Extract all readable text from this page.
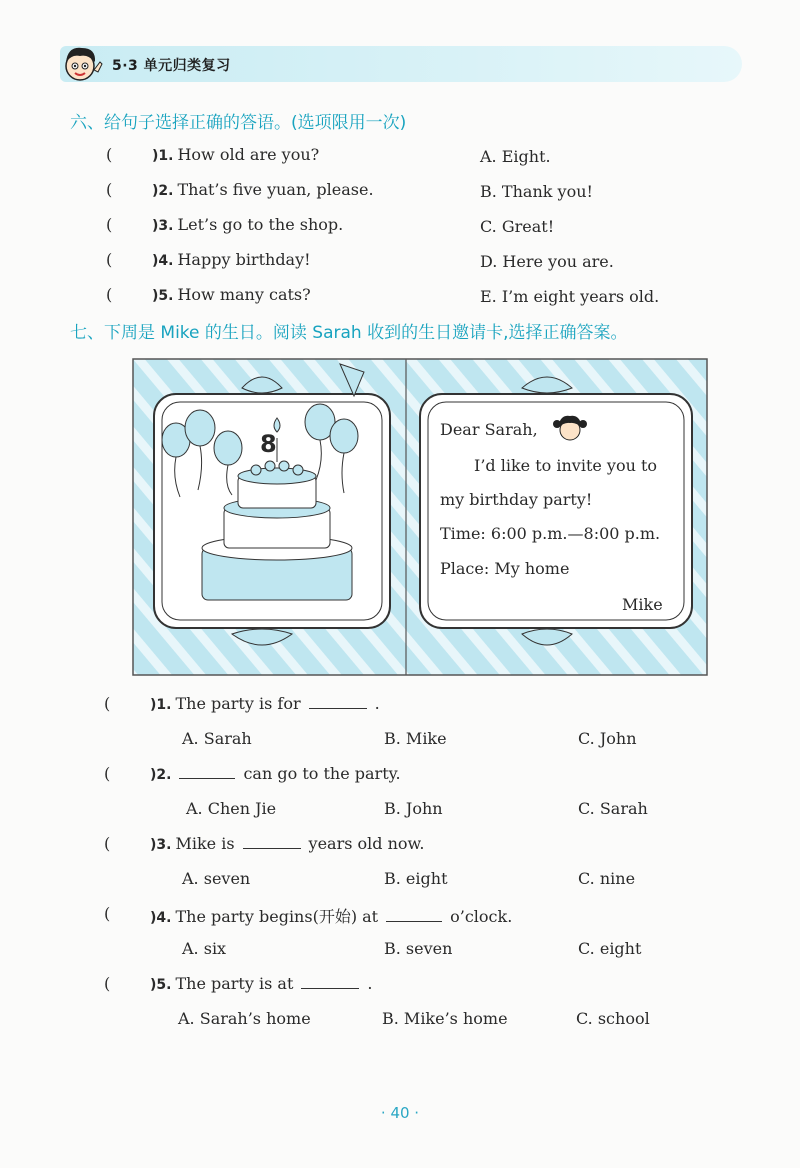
5·3 单元归类复习
六、给句子选择正确的答语。(选项限用一次)
(	)1. How old are you?	A. Eight.
(	)2. That’s five yuan, please.	B. Thank you!
(	)3. Let’s go to the shop.	C. Great!
(	)4. Happy birthday!	D. Here you are.
(	)5. How many cats?	E. I’m eight years old.
七、下周是 Mike 的生日。阅读 Sarah 收到的生日邀请卡,选择正确答案。
Dear Sarah,
I’d like to invite you to
my birthday party!
Time: 6:00 p.m.—8:00 p.m.
Place: My home
Mike
8
(	)1. The party is for	.
A. Sarah	B. Mike	C. John
(	)2.	can go to the party.
A. Chen Jie	B. John	C. Sarah
(	)3. Mike is	years old now.
A. seven	B. eight	C. nine
(	)4. The party begins(开始) at	o’clock.
A. six	B. seven	C. eight
(	)5. The party is at	.
A. Sarah’s home	B. Mike’s home	C. school
· 40 ·
